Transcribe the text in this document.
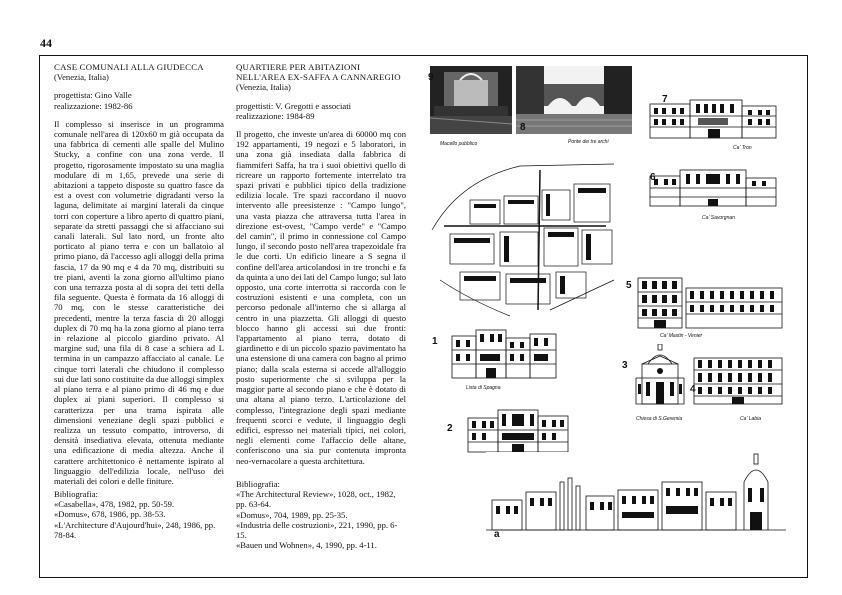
44
CASE COMUNALI ALLA GIUDECCA
(Venezia, Italia)
progettista: Gino Valle
realizzazione: 1982-86
Il complesso si inserisce in un programma comunale nell'area di 120x60 m già occupata da una fabbrica di cementi alle spalle del Mulino Stucky, a confine con una zona verde. Il progetto, rigorosamente impostato su una maglia modulare di m 1,65, prevede una serie di abitazioni a tappeto disposte su quattro fasce da est a ovest con volumetrie digradanti verso la laguna, delimitate ai margini laterali da cinque torri con coperture a libro aperto di quattro piani, separate da stretti passaggi che si affacciano sui canali laterali. Sul lato nord, un fronte alto porticato al piano terra e con un ballatoio al primo piano, dà l'accesso agli alloggi della prima fascia, 17 da 90 mq e 4 da 70 mq, distribuiti su tre piani, aventi la zona giorno all'ultimo piano con una terrazza posta al di sopra dei tetti della fila seguente. Questa è formata da 16 alloggi di 70 mq, con le stesse caratteristiche dei precedenti, mentre la terza fascia di 20 alloggi duplex di 70 mq ha la zona giorno al piano terra in relazione al piccolo giardino privato. Al margine sud, una fila di 8 case a schiera ad L termina in un campazzo affacciato al canale. Le cinque torri laterali che chiudono il complesso sui due lati sono costituite da due alloggi simplex al piano terra e al piano primo di 46 mq e due duplex ai piani superiori. Il complesso si caratterizza per una trama ispirata alle dimensioni veneziane degli spazi pubblici e realizza un tessuto compatto, introverso, di densità insediativa elevata, ottenuta mediante una edificazione di media altezza. Anche il carattere architettonico è nettamente ispirato al linguaggio dell'edilizia locale, nell'uso dei materiali dei colori e delle finiture.

Bibliografia:

«Casabella», 478, 1982, pp. 50-59.

«Domus», 678, 1986, pp. 38-53.

«L'Architecture d'Aujourd'hui», 248, 1986, pp. 78-84.

QUARTIERE PER ABITAZIONI NELL'AREA EX-SAFFA A CANNAREGIO
(Venezia, Italia)
progettisti: V. Gregotti e associati
realizzazione: 1984-89
Il progetto, che investe un'area di 60000 mq con 192 appartamenti, 19 negozi e 5 laboratori, in una zona già insediata dalla fabbrica di fiammiferi Saffa, ha tra i suoi obiettivi quello di ricreare un rapporto fortemente interrelato tra spazi privati e pubblici tipico della tradizione edilizia locale. Tre spazi raccordano il nuovo intervento alle preesistenze : "Campo lungo", una vasta piazza che attraversa tutta l'area in direzione est-ovest, "Campo verde" e "Campo del camin", il primo in connessione col Campo lungo, il secondo posto nell'area trapezoidale fra le due corti. Un edificio lineare a S segna il confine dell'area articolandosi in tre tronchi e fa da quinta a uno dei lati del Campo lungo; sul lato opposto, una corte interrotta si raccorda con le costruzioni esistenti e una completa, con un percorso pedonale all'interno che si allarga al centro in una piazzetta. Gli alloggi di questo blocco hanno gli accessi sui due fronti: l'appartamento al piano terra, dotato di giardinetto e di un piccolo spazio pavimentato ha una estensione di una camera con bagno al primo piano; dalla scala esterna si accede all'alloggio posto superiormente che si sviluppa per la maggior parte al secondo piano e che è dotato di una altana al piano terzo. L'articolazione del complesso, l'integrazione degli spazi mediante frequenti scorci e vedute, il linguaggio degli edifici, espresso nei materiali tipici, nei colori, negli elementi come l'affaccio delle altane, conferiscono una sia pur contenuta impronta neo-vernacolare a questa architettura.

Bibliografia:

«The Architectural Review», 1028, oct., 1982, pp. 63-64.

«Domus», 704, 1989, pp. 25-35.

«Industria delle costruzioni», 221, 1990, pp. 6-15.

«Bauen und Wohnen», 4, 1990, pp. 4-11.

9
Macello pubblico
8
Ponte dei tre archi
7
Ca' Tron
6
Ca' Savorgnan
5
Ca' Mastin - Venier
1
Lista di Spagna
3
Chiesa di S.Geremia
4
Ca' Labia
2
a
